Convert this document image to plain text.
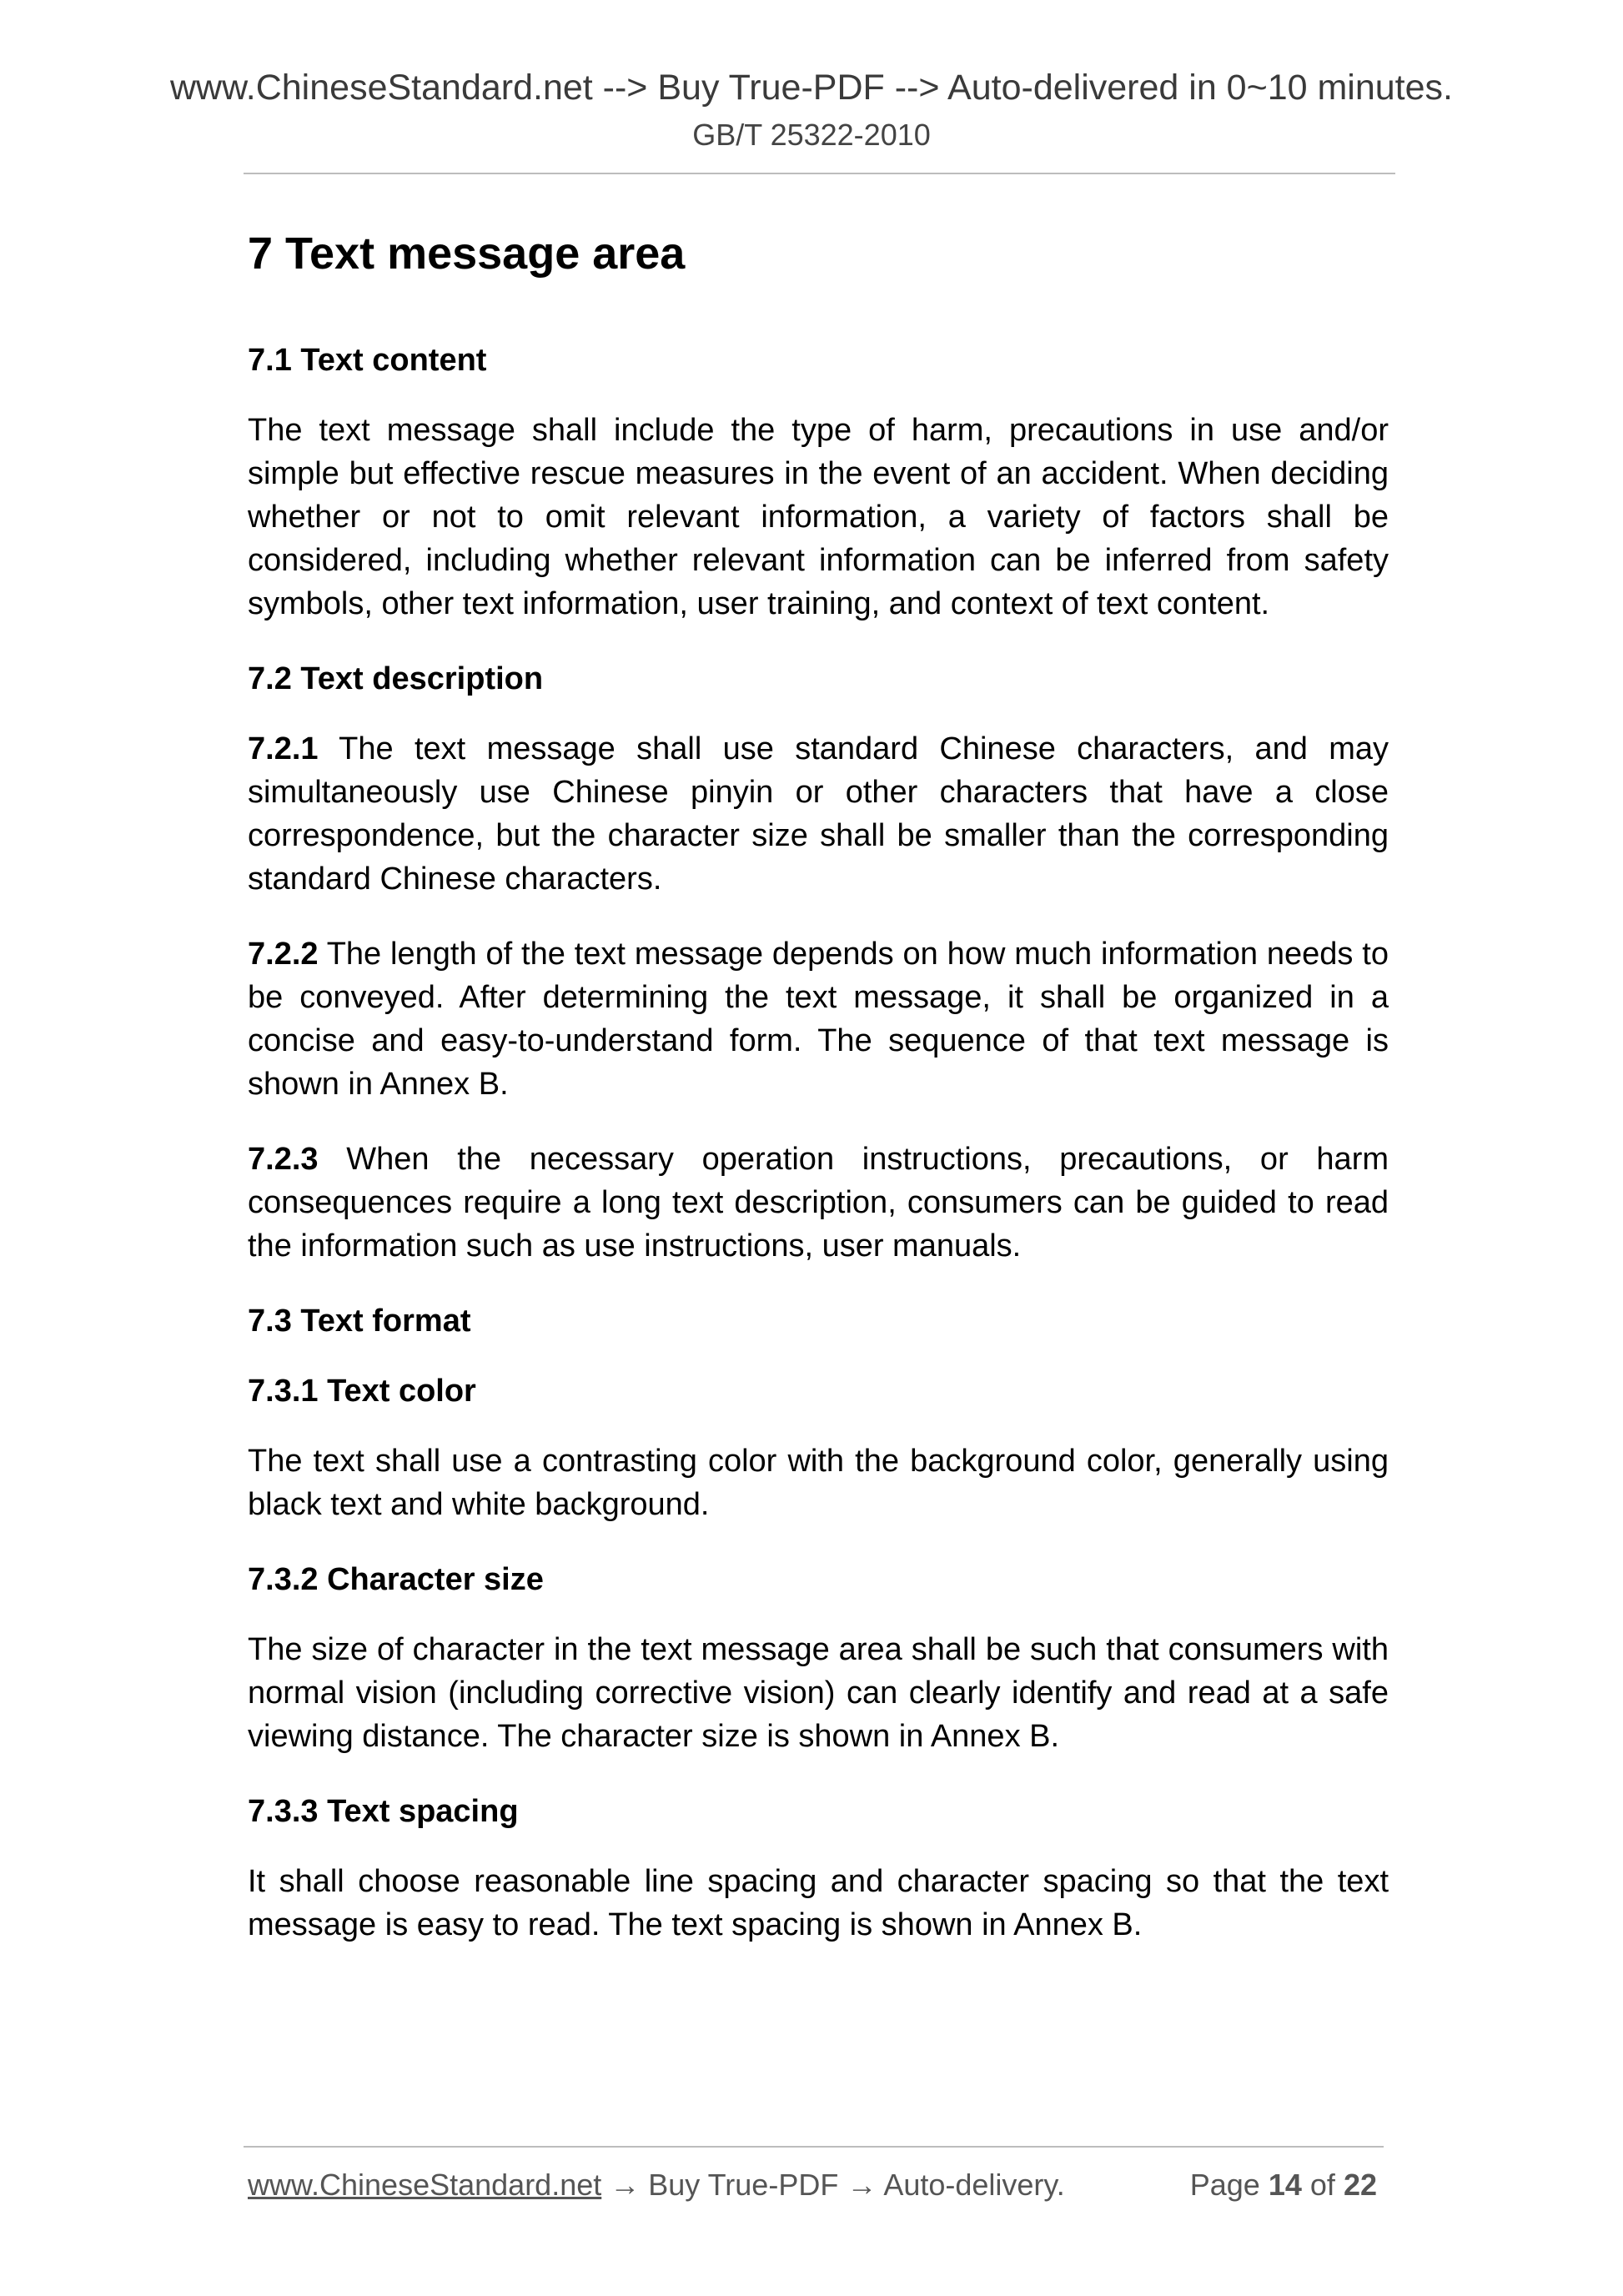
www.ChineseStandard.net --> Buy True-PDF --> Auto-delivered in 0~10 minutes.
GB/T 25322-2010
7 Text message area
7.1 Text content

The text message shall include the type of harm, precautions in use and/or simple but effective rescue measures in the event of an accident. When deciding whether or not to omit relevant information, a variety of factors shall be considered, including whether relevant information can be inferred from safety symbols, other text information, user training, and context of text content.

7.2 Text description

7.2.1 The text message shall use standard Chinese characters, and may simultaneously use Chinese pinyin or other characters that have a close correspondence, but the character size shall be smaller than the corresponding standard Chinese characters.

7.2.2 The length of the text message depends on how much information needs to be conveyed. After determining the text message, it shall be organized in a concise and easy-to-understand form. The sequence of that text message is shown in Annex B.

7.2.3 When the necessary operation instructions, precautions, or harm consequences require a long text description, consumers can be guided to read the information such as use instructions, user manuals.

7.3 Text format
7.3.1 Text color

The text shall use a contrasting color with the background color, generally using black text and white background.

7.3.2 Character size

The size of character in the text message area shall be such that consumers with normal vision (including corrective vision) can clearly identify and read at a safe viewing distance. The character size is shown in Annex B.

7.3.3 Text spacing

It shall choose reasonable line spacing and character spacing so that the text message is easy to read. The text spacing is shown in Annex B.

www.ChineseStandard.net → Buy True-PDF → Auto-delivery.	Page 14 of 22
